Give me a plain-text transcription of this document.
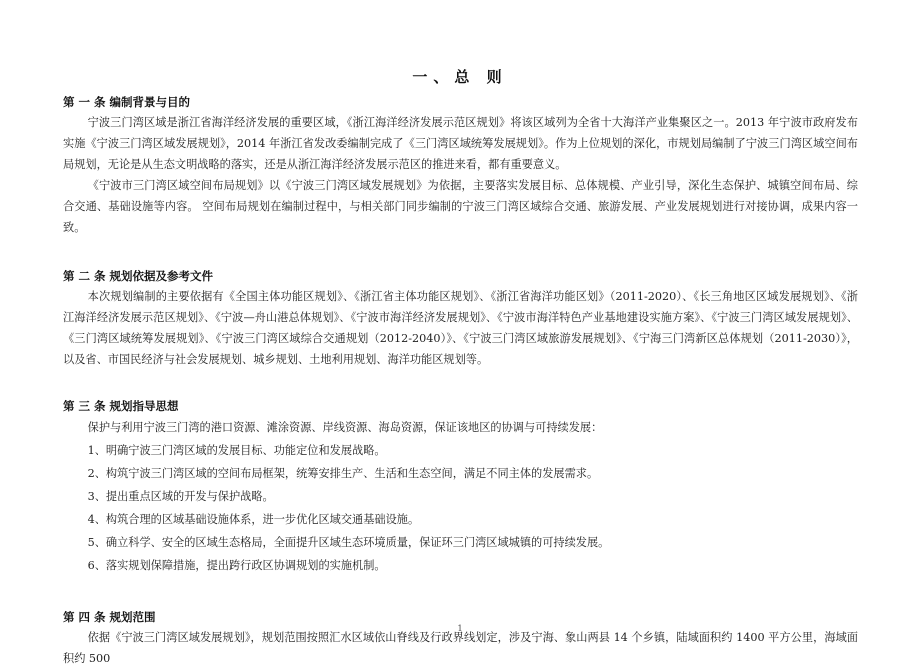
一、总 则
第 一 条 编制背景与目的

宁波三门湾区域是浙江省海洋经济发展的重要区域，《浙江海洋经济发展示范区规划》将该区域列为全省十大海洋产业集聚区之一。2013 年宁波市政府发布实施《宁波三门湾区域发展规划》，2014 年浙江省发改委编制完成了《三门湾区域统筹发展规划》。作为上位规划的深化，市规划局编制了宁波三门湾区域空间布局规划，无论是从生态文明战略的落实，还是从浙江海洋经济发展示范区的推进来看，都有重要意义。

《宁波市三门湾区域空间布局规划》以《宁波三门湾区域发展规划》为依据，主要落实发展目标、总体规模、产业引导，深化生态保护、城镇空间布局、综合交通、基础设施等内容。 空间布局规划在编制过程中，与相关部门同步编制的宁波三门湾区域综合交通、旅游发展、产业发展规划进行对接协调，成果内容一致。

第 二 条 规划依据及参考文件

本次规划编制的主要依据有《全国主体功能区规划》、《浙江省主体功能区规划》、《浙江省海洋功能区划》（2011-2020）、《长三角地区区域发展规划》、《浙江海洋经济发展示范区规划》、《宁波—舟山港总体规划》、《宁波市海洋经济发展规划》、《宁波市海洋特色产业基地建设实施方案》、《宁波三门湾区域发展规划》、《三门湾区域统筹发展规划》、《宁波三门湾区域综合交通规划（2012-2040）》、《宁波三门湾区域旅游发展规划》、《宁海三门湾新区总体规划（2011-2030）》，以及省、市国民经济与社会发展规划、城乡规划、土地利用规划、海洋功能区规划等。

第 三 条 规划指导思想

保护与利用宁波三门湾的港口资源、滩涂资源、岸线资源、海岛资源，保证该地区的协调与可持续发展：

1、明确宁波三门湾区域的发展目标、功能定位和发展战略。

2、构筑宁波三门湾区域的空间布局框架，统筹安排生产、生活和生态空间，满足不同主体的发展需求。

3、提出重点区域的开发与保护战略。

4、构筑合理的区域基础设施体系，进一步优化区域交通基础设施。

5、确立科学、安全的区域生态格局，全面提升区域生态环境质量，保证环三门湾区域城镇的可持续发展。

6、落实规划保障措施，提出跨行政区协调规划的实施机制。

第 四 条 规划范围

依据《宁波三门湾区域发展规划》，规划范围按照汇水区域依山脊线及行政界线划定，涉及宁海、象山两县 14 个乡镇，陆域面积约 1400 平方公里，海域面积约 500

1
